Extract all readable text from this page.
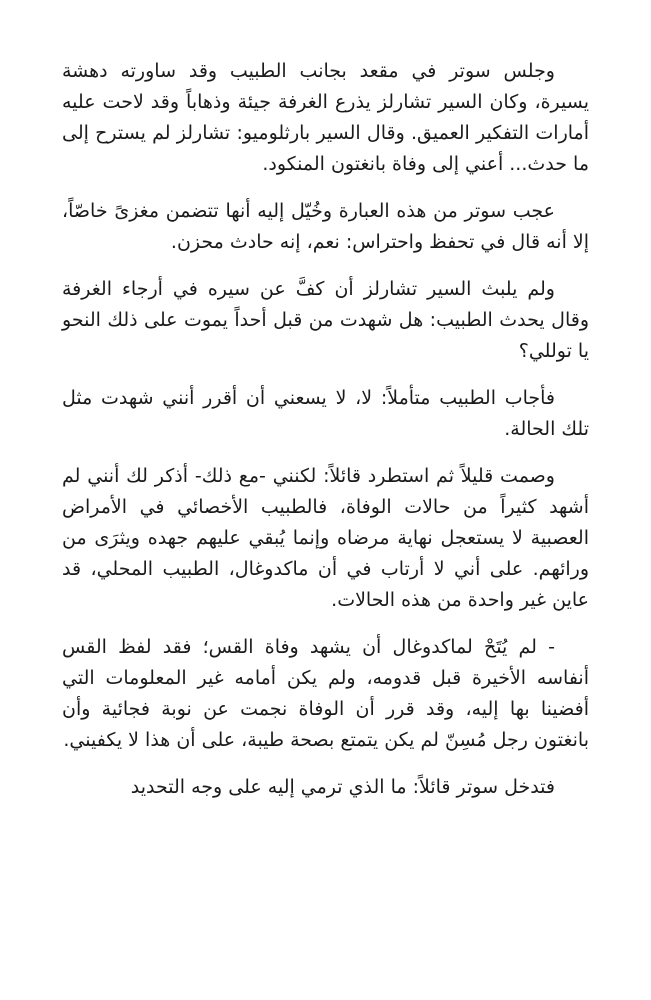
وجلس سوتر في مقعد بجانب الطبيب وقد ساورته دهشة يسيرة، وكان السير تشارلز يذرع الغرفة جيئة وذهاباً وقد لاحت عليه أمارات التفكير العميق. وقال السير بارثلوميو: تشارلز لم يسترح إلى ما حدث... أعني إلى وفاة بانغتون المنكود.

عجب سوتر من هذه العبارة وخُيّل إليه أنها تتضمن مغزىً خاصّاً، إلا أنه قال في تحفظ واحتراس: نعم، إنه حادث محزن.

ولم يلبث السير تشارلز أن كفَّ عن سيره في أرجاء الغرفة وقال يحدث الطبيب: هل شهدت من قبل أحداً يموت على ذلك النحو يا توللي؟

فأجاب الطبيب متأملاً: لا، لا يسعني أن أقرر أنني شهدت مثل تلك الحالة.

وصمت قليلاً ثم استطرد قائلاً: لكنني -مع ذلك- أذكر لك أنني لم أشهد كثيراً من حالات الوفاة، فالطبيب الأخصائي في الأمراض العصبية لا يستعجل نهاية مرضاه وإنما يُبقي عليهم جهده ويثرَى من ورائهم. على أني لا أرتاب في أن ماكدوغال، الطبيب المحلي، قد عاين غير واحدة من هذه الحالات.

- لم يُتَحْ لماكدوغال أن يشهد وفاة القس؛ فقد لفظ القس أنفاسه الأخيرة قبل قدومه، ولم يكن أمامه غير المعلومات التي أفضينا بها إليه، وقد قرر أن الوفاة نجمت عن نوبة فجائية وأن بانغتون رجل مُسِنّ لم يكن يتمتع بصحة طيبة، على أن هذا لا يكفيني.

فتدخل سوتر قائلاً: ما الذي ترمي إليه على وجه التحديد
